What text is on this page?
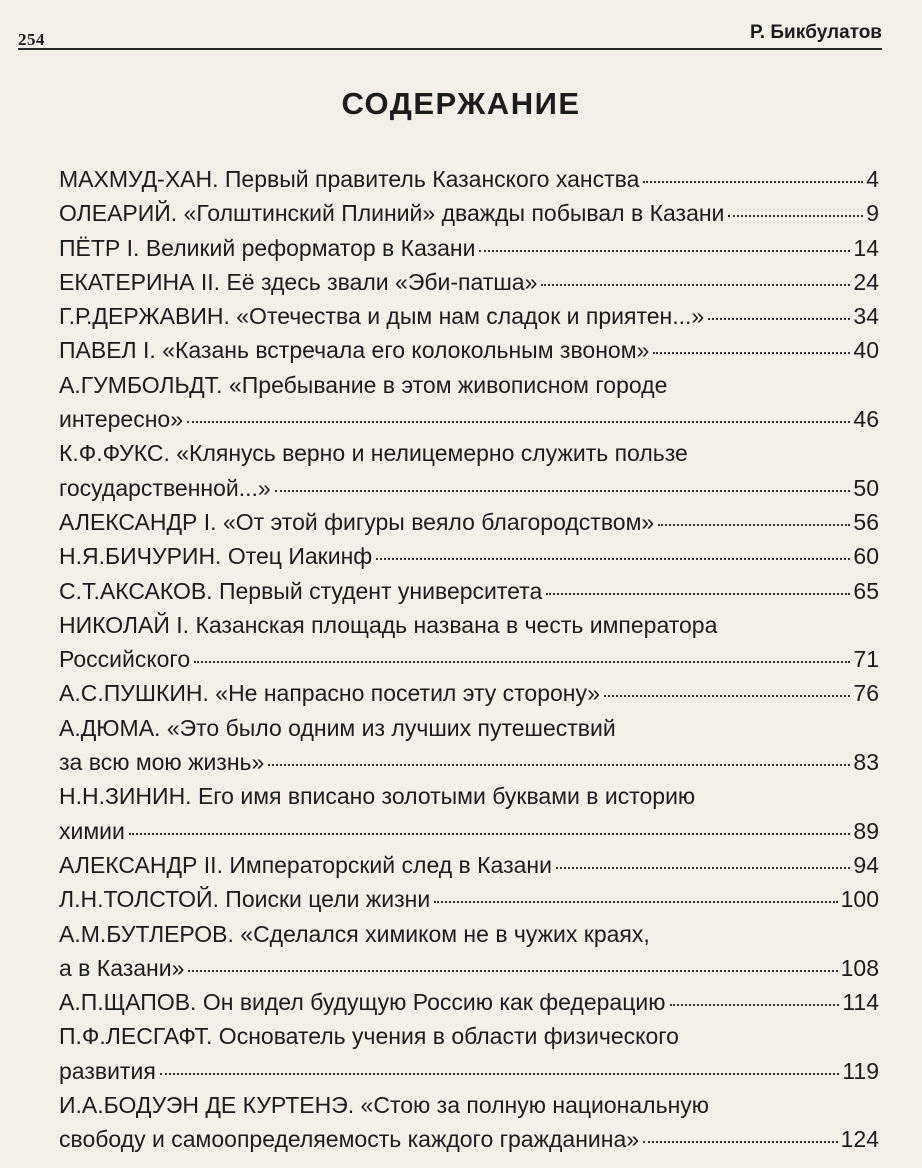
254	Р. Бикбулатов
СОДЕРЖАНИЕ
МАХМУД-ХАН. Первый правитель Казанского ханства	4
ОЛЕАРИЙ. «Голштинский Плиний» дважды побывал в Казани	9
ПЁТР I. Великий реформатор в Казани	14
ЕКАТЕРИНА II. Её здесь звали «Эби-патша»	24
Г.Р.ДЕРЖАВИН. «Отечества и дым нам сладок и приятен...»	34
ПАВЕЛ I. «Казань встречала его колокольным звоном»	40
А.ГУМБОЛЬДТ. «Пребывание в этом живописном городе
интересно»	46
К.Ф.ФУКС. «Клянусь верно и нелицемерно служить пользе
государственной...»	50
АЛЕКСАНДР I. «От этой фигуры веяло благородством»	56
Н.Я.БИЧУРИН. Отец Иакинф	60
С.Т.АКСАКОВ. Первый студент университета	65
НИКОЛАЙ I. Казанская площадь названа в честь императора
Российского	71
А.С.ПУШКИН. «Не напрасно посетил эту сторону»	76
А.ДЮМА. «Это было одним из лучших путешествий
за всю мою жизнь»	83
Н.Н.ЗИНИН. Его имя вписано золотыми буквами в историю
химии	89
АЛЕКСАНДР II. Императорский след в Казани	94
Л.Н.ТОЛСТОЙ. Поиски цели жизни	100
А.М.БУТЛЕРОВ. «Сделался химиком не в чужих краях,
а в Казани»	108
А.П.ЩАПОВ. Он видел будущую Россию как федерацию	114
П.Ф.ЛЕСГАФТ. Основатель учения в области физического
развития	119
И.А.БОДУЭН ДЕ КУРТЕНЭ. «Стою за полную национальную
свободу и самоопределяемость каждого гражданина»	124
